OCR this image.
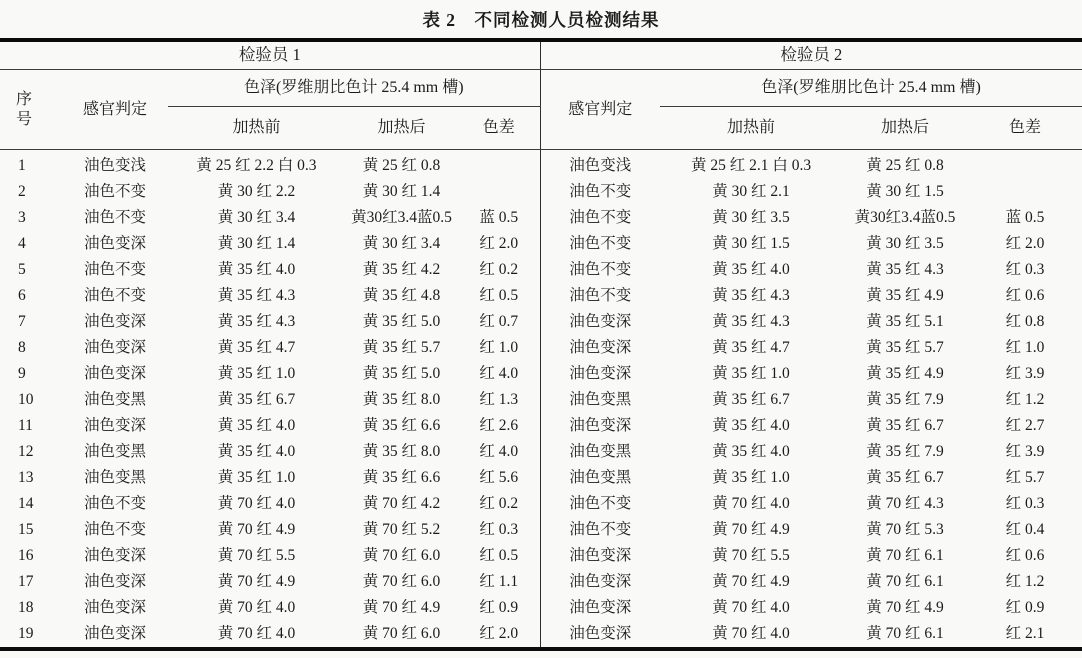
表 2　不同检测人员检测结果
检验员 1					检验员 2			
序
号	感官判定	色泽(罗维朋比色计 25.4 mm 槽)			感官判定	色泽(罗维朋比色计 25.4 mm 槽)		
		加热前	加热后	色差		加热前	加热后	色差
1	油色变浅	黄 25 红 2.2 白 0.3	黄 25 红 0.8		油色变浅	黄 25 红 2.1 白 0.3	黄 25 红 0.8	
2	油色不变	黄 30 红 2.2	黄 30 红 1.4		油色不变	黄 30 红 2.1	黄 30 红 1.5	
3	油色不变	黄 30 红 3.4	黄30红3.4蓝0.5	蓝 0.5	油色不变	黄 30 红 3.5	黄30红3.4蓝0.5	蓝 0.5
4	油色变深	黄 30 红 1.4	黄 30 红 3.4	红 2.0	油色不变	黄 30 红 1.5	黄 30 红 3.5	红 2.0
5	油色不变	黄 35 红 4.0	黄 35 红 4.2	红 0.2	油色不变	黄 35 红 4.0	黄 35 红 4.3	红 0.3
6	油色不变	黄 35 红 4.3	黄 35 红 4.8	红 0.5	油色不变	黄 35 红 4.3	黄 35 红 4.9	红 0.6
7	油色变深	黄 35 红 4.3	黄 35 红 5.0	红 0.7	油色变深	黄 35 红 4.3	黄 35 红 5.1	红 0.8
8	油色变深	黄 35 红 4.7	黄 35 红 5.7	红 1.0	油色变深	黄 35 红 4.7	黄 35 红 5.7	红 1.0
9	油色变深	黄 35 红 1.0	黄 35 红 5.0	红 4.0	油色变深	黄 35 红 1.0	黄 35 红 4.9	红 3.9
10	油色变黑	黄 35 红 6.7	黄 35 红 8.0	红 1.3	油色变黑	黄 35 红 6.7	黄 35 红 7.9	红 1.2
11	油色变深	黄 35 红 4.0	黄 35 红 6.6	红 2.6	油色变深	黄 35 红 4.0	黄 35 红 6.7	红 2.7
12	油色变黑	黄 35 红 4.0	黄 35 红 8.0	红 4.0	油色变黑	黄 35 红 4.0	黄 35 红 7.9	红 3.9
13	油色变黑	黄 35 红 1.0	黄 35 红 6.6	红 5.6	油色变黑	黄 35 红 1.0	黄 35 红 6.7	红 5.7
14	油色不变	黄 70 红 4.0	黄 70 红 4.2	红 0.2	油色不变	黄 70 红 4.0	黄 70 红 4.3	红 0.3
15	油色不变	黄 70 红 4.9	黄 70 红 5.2	红 0.3	油色不变	黄 70 红 4.9	黄 70 红 5.3	红 0.4
16	油色变深	黄 70 红 5.5	黄 70 红 6.0	红 0.5	油色变深	黄 70 红 5.5	黄 70 红 6.1	红 0.6
17	油色变深	黄 70 红 4.9	黄 70 红 6.0	红 1.1	油色变深	黄 70 红 4.9	黄 70 红 6.1	红 1.2
18	油色变深	黄 70 红 4.0	黄 70 红 4.9	红 0.9	油色变深	黄 70 红 4.0	黄 70 红 4.9	红 0.9
19	油色变深	黄 70 红 4.0	黄 70 红 6.0	红 2.0	油色变深	黄 70 红 4.0	黄 70 红 6.1	红 2.1
